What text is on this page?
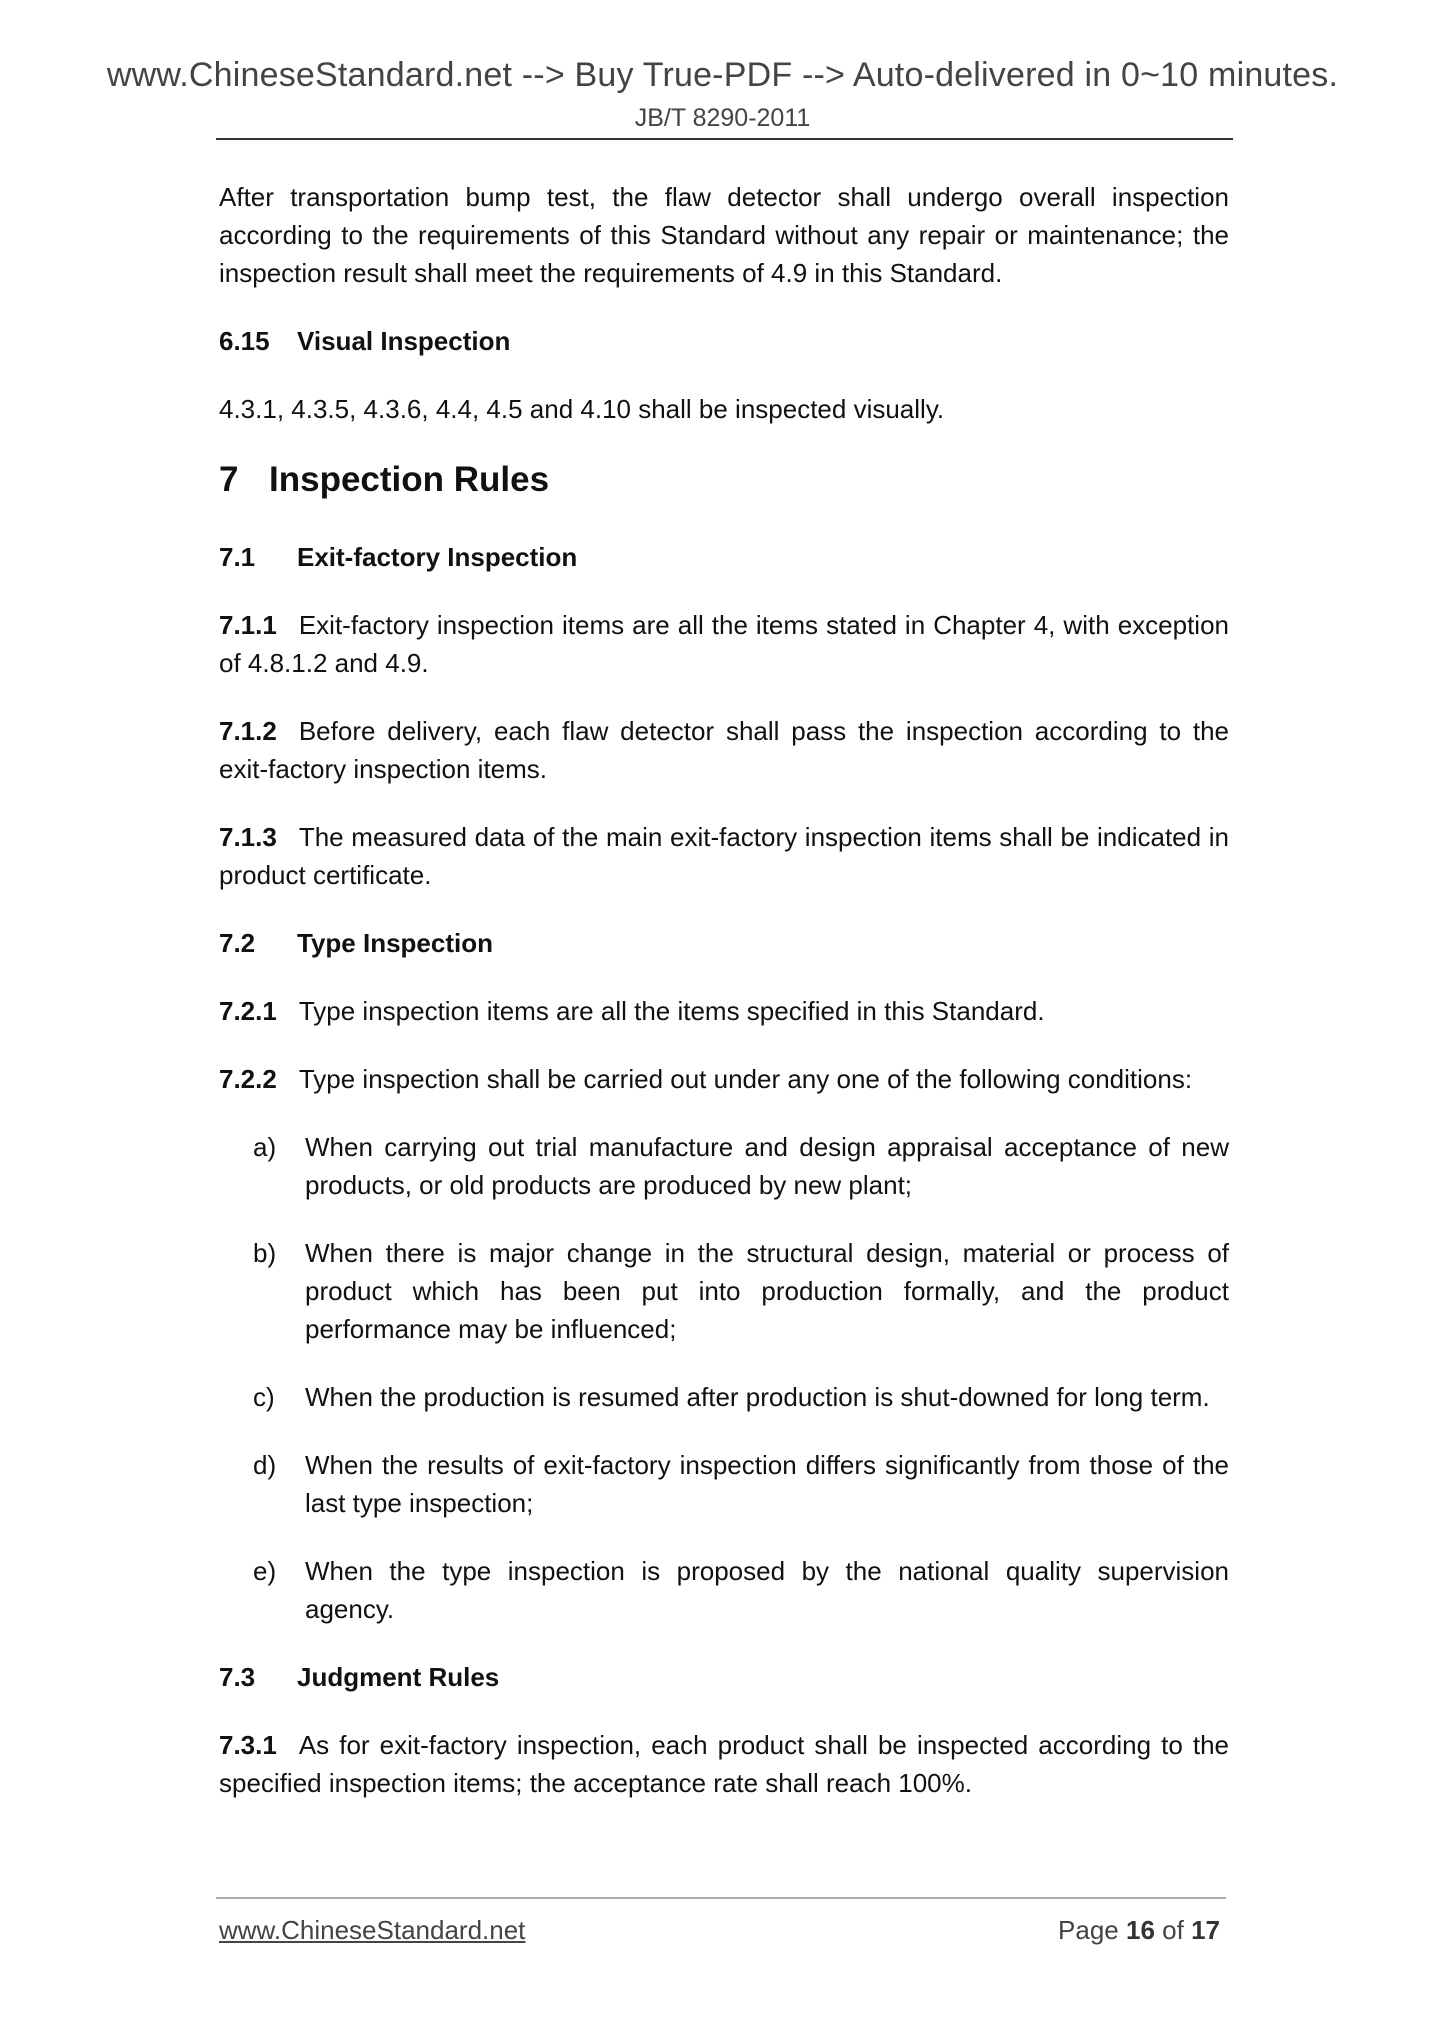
www.ChineseStandard.net --> Buy True-PDF --> Auto-delivered in 0~10 minutes.
JB/T 8290-2011

After transportation bump test, the flaw detector shall undergo overall inspection according to the requirements of this Standard without any repair or maintenance; the inspection result shall meet the requirements of 4.9 in this Standard.

6.15 Visual Inspection

4.3.1, 4.3.5, 4.3.6, 4.4, 4.5 and 4.10 shall be inspected visually.

7 Inspection Rules
7.1 Exit-factory Inspection

7.1.1 Exit-factory inspection items are all the items stated in Chapter 4, with exception of 4.8.1.2 and 4.9.

7.1.2 Before delivery, each flaw detector shall pass the inspection according to the exit-factory inspection items.

7.1.3 The measured data of the main exit-factory inspection items shall be indicated in product certificate.

7.2 Type Inspection

7.2.1 Type inspection items are all the items specified in this Standard.

7.2.2 Type inspection shall be carried out under any one of the following conditions:

a) When carrying out trial manufacture and design appraisal acceptance of new products, or old products are produced by new plant;
b) When there is major change in the structural design, material or process of product which has been put into production formally, and the product performance may be influenced;
c) When the production is resumed after production is shut-downed for long term.
d) When the results of exit-factory inspection differs significantly from those of the last type inspection;
e) When the type inspection is proposed by the national quality supervision agency.
7.3 Judgment Rules

7.3.1 As for exit-factory inspection, each product shall be inspected according to the specified inspection items; the acceptance rate shall reach 100%.

www.ChineseStandard.net	Page 16 of 17
